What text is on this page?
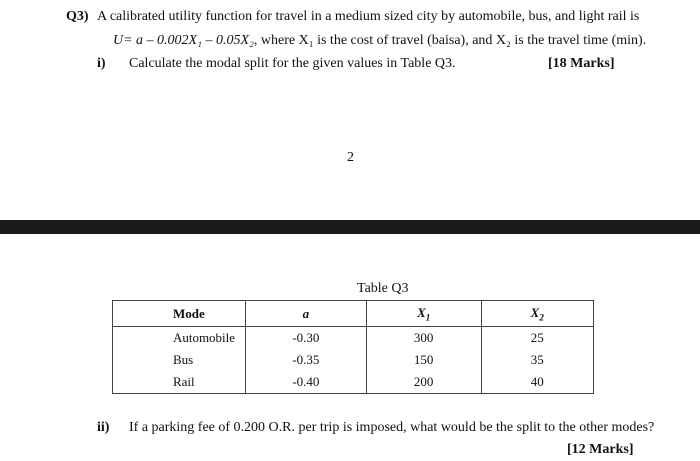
Q3) A calibrated utility function for travel in a medium sized city by automobile, bus, and light rail is
U= a – 0.002X₁ – 0.05X₂, where X₁ is the cost of travel (baisa), and X₂ is the travel time (min).
i) Calculate the modal split for the given values in Table Q3.	[18 Marks]
2
Table Q3
Mode	a	$X_1$	$X_2$
Automobile	-0.30	300	25
Bus	-0.35	150	35
Rail	-0.40	200	40
ii) If a parking fee of 0.200 O.R. per trip is imposed, what would be the split to the other modes?
[12 Marks]
